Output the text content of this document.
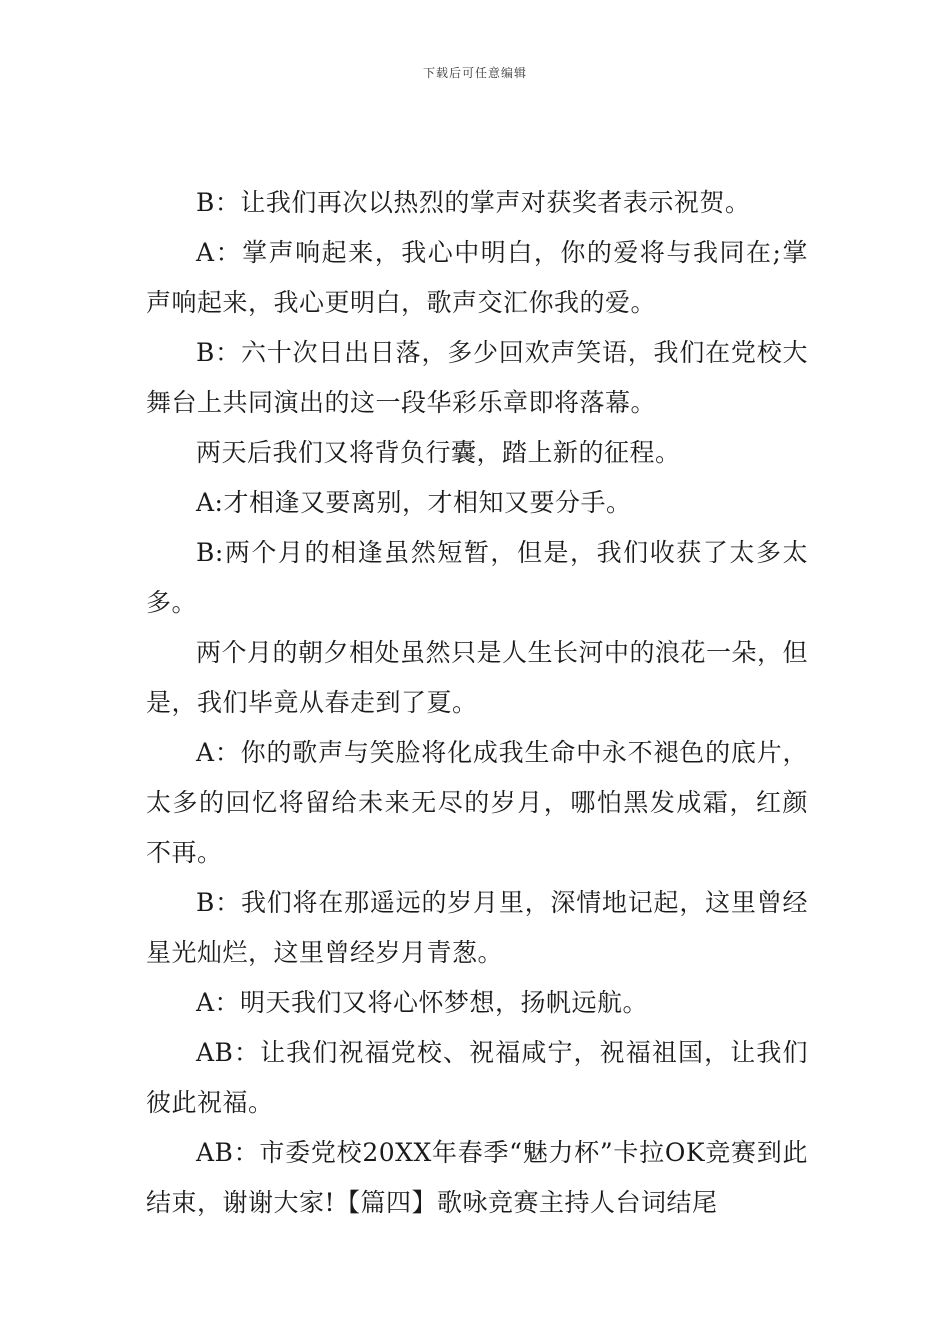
下载后可任意编辑

B：让我们再次以热烈的掌声对获奖者表示祝贺。

A：掌声响起来，我心中明白，你的爱将与我同在;掌声响起来，我心更明白，歌声交汇你我的爱。

B：六十次日出日落，多少回欢声笑语，我们在党校大舞台上共同演出的这一段华彩乐章即将落幕。

两天后我们又将背负行囊，踏上新的征程。

A:才相逢又要离别，才相知又要分手。

B:两个月的相逢虽然短暂，但是，我们收获了太多太多。

两个月的朝夕相处虽然只是人生长河中的浪花一朵，但是，我们毕竟从春走到了夏。

A：你的歌声与笑脸将化成我生命中永不褪色的底片，太多的回忆将留给未来无尽的岁月，哪怕黑发成霜，红颜不再。

B：我们将在那遥远的岁月里，深情地记起，这里曾经星光灿烂，这里曾经岁月青葱。

A：明天我们又将心怀梦想，扬帆远航。

AB：让我们祝福党校、祝福咸宁，祝福祖国，让我们彼此祝福。

AB：市委党校20XX年春季“魅力杯”卡拉OK竞赛到此结束，谢谢大家!【篇四】歌咏竞赛主持人台词结尾
